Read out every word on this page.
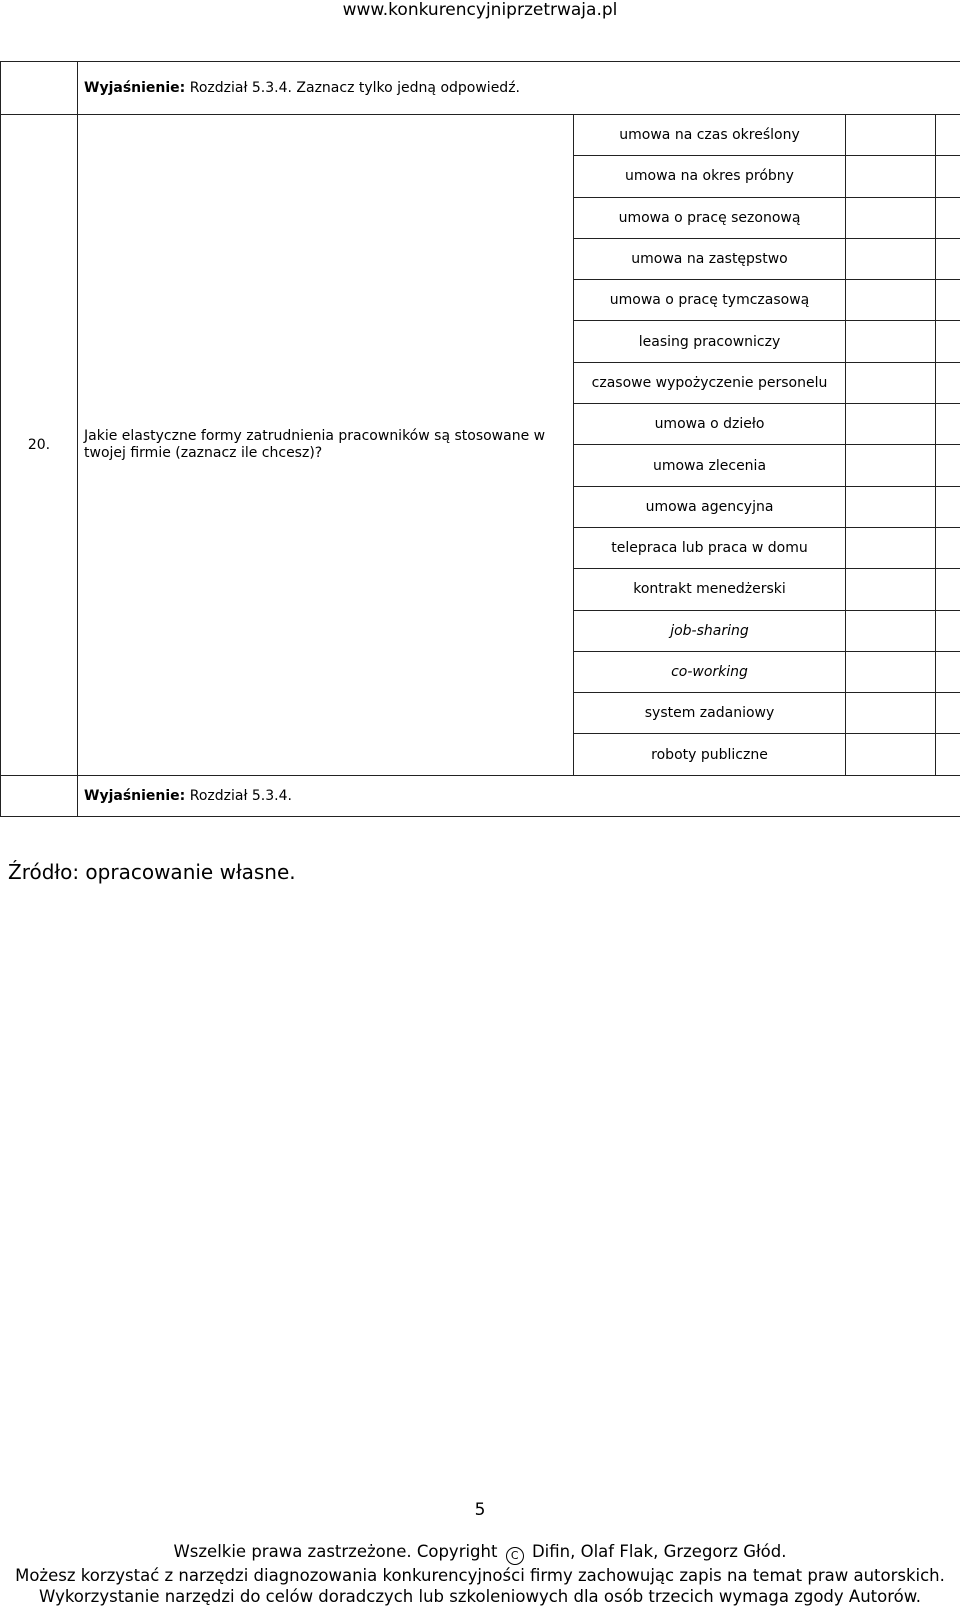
www.konkurencyjniprzetrwaja.pl
	Wyjaśnienie: Rozdział 5.3.4. Zaznacz tylko jedną odpowiedź.			
20.	Jakie elastyczne formy zatrudnienia pracowników są stosowane w twojej firmie (zaznacz ile chcesz)?	umowa na czas określony		
		umowa na okres próbny		
		umowa o pracę sezonową		
		umowa na zastępstwo		
		umowa o pracę tymczasową		
		leasing pracowniczy		
		czasowe wypożyczenie personelu		
		umowa o dzieło		
		umowa zlecenia		
		umowa agencyjna		
		telepraca lub praca w domu		
		kontrakt menedżerski		
		job-sharing		
		co-working		
		system zadaniowy		
		roboty publiczne		
	Wyjaśnienie: Rozdział 5.3.4.			
Źródło: opracowanie własne.
5
Wszelkie prawa zastrzeżone. Copyright C Difin, Olaf Flak, Grzegorz Głód.
Możesz korzystać z narzędzi diagnozowania konkurencyjności firmy zachowując zapis na temat praw autorskich.
Wykorzystanie narzędzi do celów doradczych lub szkoleniowych dla osób trzecich wymaga zgody Autorów.
